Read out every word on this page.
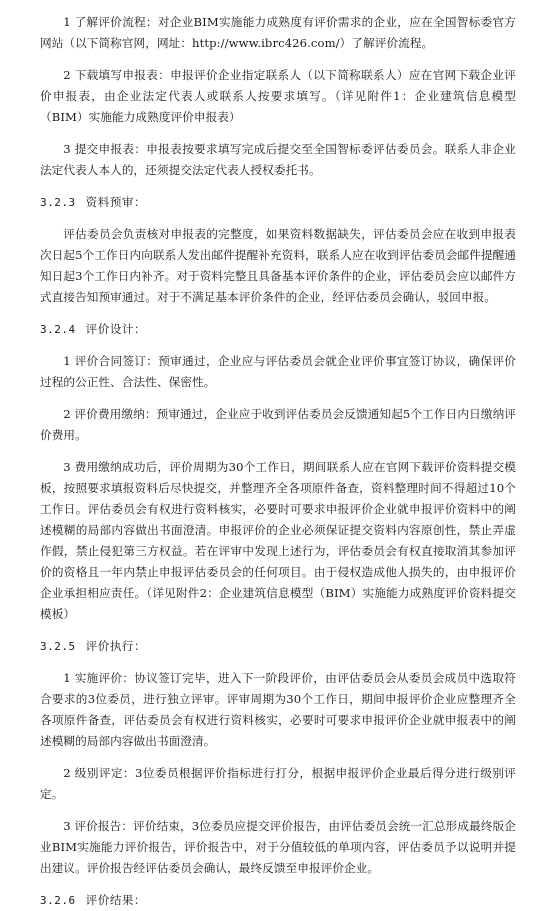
1 了解评价流程：对企业BIM实施能力成熟度有评价需求的企业，应在全国智标委官方网站（以下简称官网，网址：http://www.ibrc426.com/）了解评价流程。

2 下载填写申报表：申报评价企业指定联系人（以下简称联系人）应在官网下载企业评价申报表，由企业法定代表人或联系人按要求填写。（详见附件1：企业建筑信息模型（BIM）实施能力成熟度评价申报表）

3 提交申报表：申报表按要求填写完成后提交至全国智标委评估委员会。联系人非企业法定代表人本人的，还须提交法定代表人授权委托书。

3.2.3 资料预审：

评估委员会负责核对申报表的完整度，如果资料数据缺失，评估委员会应在收到申报表次日起5个工作日内向联系人发出邮件提醒补充资料，联系人应在收到评估委员会邮件提醒通知日起3个工作日内补齐。对于资料完整且具备基本评价条件的企业，评估委员会应以邮件方式直接告知预审通过。对于不满足基本评价条件的企业，经评估委员会确认，驳回申报。

3.2.4 评价设计：

1 评价合同签订：预审通过，企业应与评估委员会就企业评价事宜签订协议，确保评价过程的公正性、合法性、保密性。

2 评价费用缴纳：预审通过，企业应于收到评估委员会反馈通知起5个工作日内日缴纳评价费用。

3 费用缴纳成功后，评价周期为30个工作日，期间联系人应在官网下载评价资料提交模板，按照要求填报资料后尽快提交，并整理齐全各项原件备查，资料整理时间不得超过10个工作日。评估委员会有权进行资料核实，必要时可要求申报评价企业就申报评价资料中的阐述模糊的局部内容做出书面澄清。申报评价的企业必须保证提交资料内容原创性，禁止弄虚作假，禁止侵犯第三方权益。若在评审中发现上述行为，评估委员会有权直接取消其参加评价的资格且一年内禁止申报评估委员会的任何项目。由于侵权造成他人损失的，由申报评价企业承担相应责任。（详见附件2：企业建筑信息模型（BIM）实施能力成熟度评价资料提交模板）

3.2.5 评价执行：

1 实施评价：协议签订完毕，进入下一阶段评价，由评估委员会从委员会成员中选取符合要求的3位委员，进行独立评审。评审周期为30个工作日，期间申报评价企业应整理齐全各项原件备查，评估委员会有权进行资料核实，必要时可要求申报评价企业就申报表中的阐述模糊的局部内容做出书面澄清。

2 级别评定：3位委员根据评价指标进行打分，根据申报评价企业最后得分进行级别评定。

3 评价报告：评价结束，3位委员应提交评价报告，由评估委员会统一汇总形成最终版企业BIM实施能力评价报告，评价报告中，对于分值较低的单项内容，评估委员予以说明并提出建议。评价报告经评估委员会确认，最终反馈至申报评价企业。

3.2.6 评价结果：
